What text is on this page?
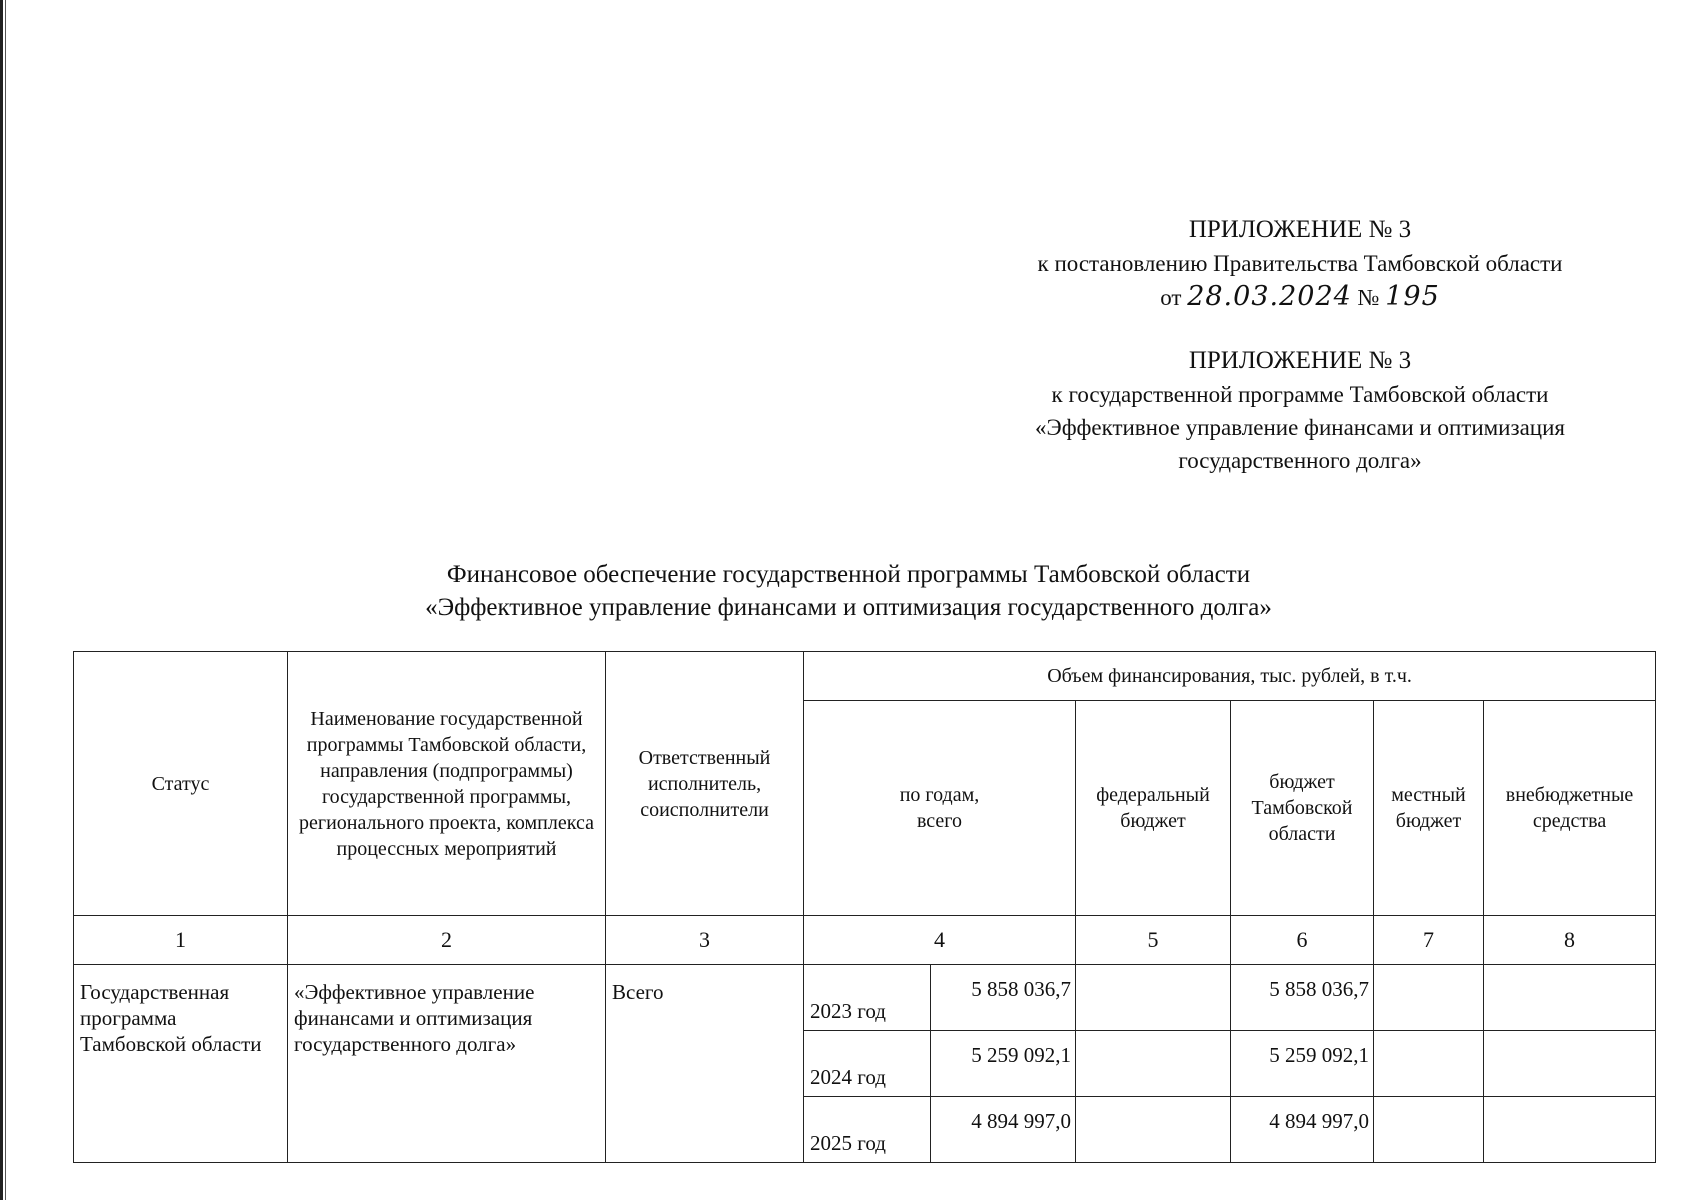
ПРИЛОЖЕНИЕ № 3
к постановлению Правительства Тамбовской области
от 28.03.2024 № 195
ПРИЛОЖЕНИЕ № 3
к государственной программе Тамбовской области
«Эффективное управление финансами и оптимизация
государственного долга»
Финансовое обеспечение государственной программы Тамбовской области
«Эффективное управление финансами и оптимизация государственного долга»
Статус	Наименование государственной программы Тамбовской области, направления (подпрограммы) государственной программы, регионального проекта, комплекса процессных мероприятий	Ответственный исполнитель, соисполнители	Объем финансирования, тыс. рублей, в т.ч.					
			по годам, всего		федеральный бюджет	бюджет Тамбовской области	местный бюджет	внебюджетные средства
1	2	3	4		5	6	7	8
Государственная программа Тамбовской области	«Эффективное управление финансами и оптимизация государственного долга»	Всего	2023 год	5 858 036,7		5 858 036,7		
			2024 год	5 259 092,1		5 259 092,1		
			2025 год	4 894 997,0		4 894 997,0		
